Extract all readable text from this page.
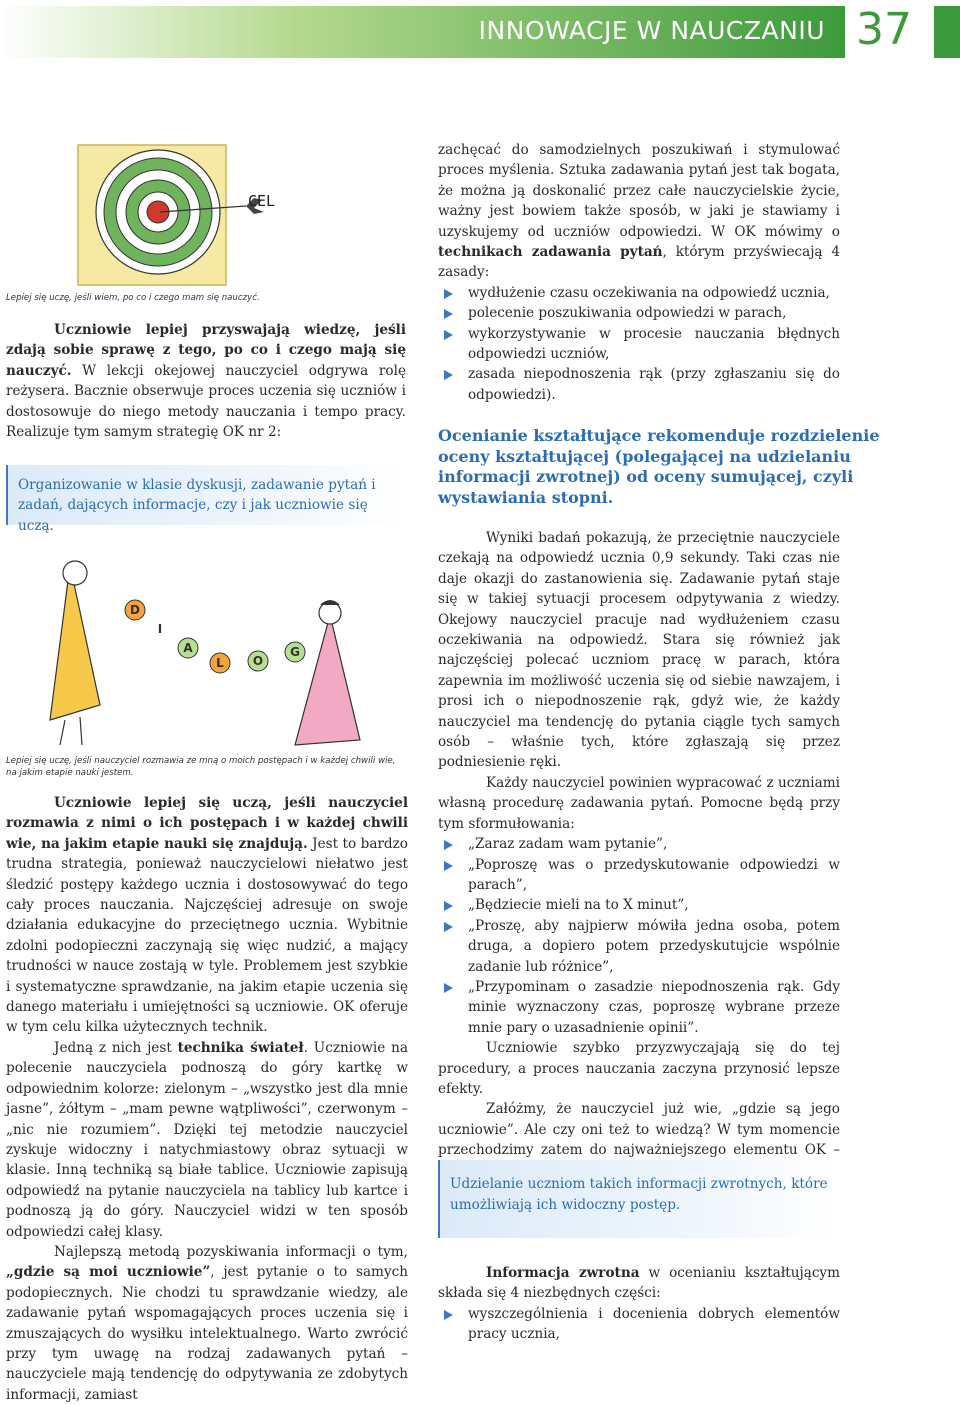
INNOWACJE W NAUCZANIU 37
CEL
Lepiej się uczę, jeśli wiem, po co i czego mam się nauczyć.

Uczniowie lepiej przyswajają wiedzę, jeśli zdają sobie sprawę z tego, po co i czego mają się nauczyć. W lekcji okejowej nauczyciel odgrywa rolę reżysera. Bacznie obserwuje proces uczenia się uczniów i dostosowuje do niego metody nauczania i tempo pracy. Realizuje tym samym strategię OK nr 2:

Organizowanie w klasie dyskusji, zadawanie pytań i zadań, dających informacje, czy i jak uczniowie się uczą.
D
I
A
L O
G
Lepiej się uczę, jeśli nauczyciel rozmawia ze mną o moich postępach i w każdej chwili wie, na jakim etapie nauki jestem.

Uczniowie lepiej się uczą, jeśli nauczyciel rozmawia z nimi o ich postępach i w każdej chwili wie, na jakim etapie nauki się znajdują. Jest to bardzo trudna strategia, ponieważ nauczycielowi niełatwo jest śledzić postępy każdego ucznia i dostosowywać do tego cały proces nauczania. Najczęściej adresuje on swoje działania edukacyjne do przeciętnego ucznia. Wybitnie zdolni podopieczni zaczynają się więc nudzić, a mający trudności w nauce zostają w tyle. Problemem jest szybkie i systematyczne sprawdzanie, na jakim etapie uczenia się danego materiału i umiejętności są uczniowie. OK oferuje w tym celu kilka użytecznych technik.

Jedną z nich jest technika świateł. Uczniowie na polecenie nauczyciela podnoszą do góry kartkę w odpowiednim kolorze: zielonym – „wszystko jest dla mnie jasne”, żółtym – „mam pewne wątpliwości”, czerwonym – „nic nie rozumiem”. Dzięki tej metodzie nauczyciel zyskuje widoczny i natychmiastowy obraz sytuacji w klasie. Inną techniką są białe tablice. Uczniowie zapisują odpowiedź na pytanie nauczyciela na tablicy lub kartce i podnoszą ją do góry. Nauczyciel widzi w ten sposób odpowiedzi całej klasy.

Najlepszą metodą pozyskiwania informacji o tym, „gdzie są moi uczniowie”, jest pytanie o to samych podopiecznych. Nie chodzi tu sprawdzanie wiedzy, ale zadawanie pytań wspomagających proces uczenia się i zmuszających do wysiłku intelektualnego. Warto zwrócić przy tym uwagę na rodzaj zadawanych pytań – nauczyciele mają tendencję do odpytywania ze zdobytych informacji, zamiast

zachęcać do samodzielnych poszukiwań i stymulować proces myślenia. Sztuka zadawania pytań jest tak bogata, że można ją doskonalić przez całe nauczycielskie życie, ważny jest bowiem także sposób, w jaki je stawiamy i uzyskujemy od uczniów odpowiedzi. W OK mówimy o technikach zadawania pytań, którym przyświecają 4 zasady:

wydłużenie czasu oczekiwania na odpowiedź ucznia,
polecenie poszukiwania odpowiedzi w parach,
wykorzystywanie w procesie nauczania błędnych odpowiedzi uczniów,
zasada niepodnoszenia rąk (przy zgłaszaniu się do odpowiedzi).
Ocenianie kształtujące rekomenduje rozdzielenie oceny kształtującej (polegającej na udzielaniu informacji zwrotnej) od oceny sumującej, czyli wystawiania stopni.

Wyniki badań pokazują, że przeciętnie nauczyciele czekają na odpowiedź ucznia 0,9 sekundy. Taki czas nie daje okazji do zastanowienia się. Zadawanie pytań staje się w takiej sytuacji procesem odpytywania z wiedzy. Okejowy nauczyciel pracuje nad wydłużeniem czasu oczekiwania na odpowiedź. Stara się również jak najczęściej polecać uczniom pracę w parach, która zapewnia im możliwość uczenia się od siebie nawzajem, i prosi ich o niepodnoszenie rąk, gdyż wie, że każdy nauczyciel ma tendencję do pytania ciągle tych samych osób – właśnie tych, które zgłaszają się przez podniesienie ręki.

Każdy nauczyciel powinien wypracować z uczniami własną procedurę zadawania pytań. Pomocne będą przy tym sformułowania:

„Zaraz zadam wam pytanie”,
„Poproszę was o przedyskutowanie odpowiedzi w parach”,
„Będziecie mieli na to X minut”,
„Proszę, aby najpierw mówiła jedna osoba, potem druga, a dopiero potem przedyskutujcie wspólnie zadanie lub różnice”,
„Przypominam o zasadzie niepodnoszenia rąk. Gdy minie wyznaczony czas, poproszę wybrane przeze mnie pary o uzasadnienie opinii”.

Uczniowie szybko przyzwyczajają się do tej procedury, a proces nauczania zaczyna przynosić lepsze efekty.

Załóżmy, że nauczyciel już wie, „gdzie są jego uczniowie”. Ale czy oni też to wiedzą? W tym momencie przechodzimy zatem do najważniejszego elementu OK –

Udzielanie uczniom takich informacji zwrotnych, które umożliwiają ich widoczny postęp.

Informacja zwrotna w ocenianiu kształtującym składa się 4 niezbędnych części:

wyszczególnienia i docenienia dobrych elementów pracy ucznia,
